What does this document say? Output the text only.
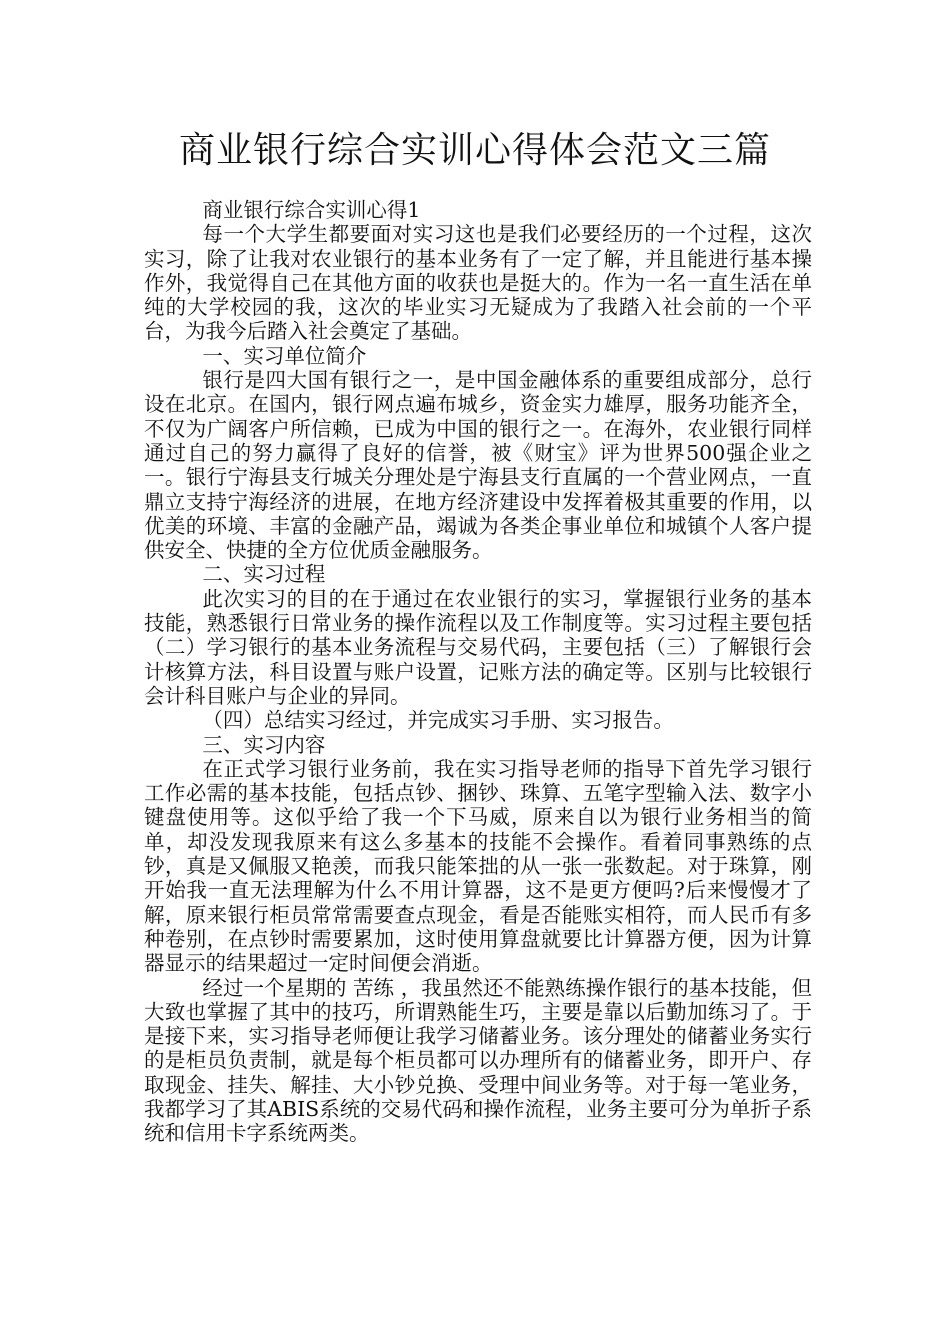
商业银行综合实训心得体会范文三篇

商业银行综合实训心得1

每一个大学生都要面对实习这也是我们必要经历的一个过程，这次实习，除了让我对农业银行的基本业务有了一定了解，并且能进行基本操作外，我觉得自己在其他方面的收获也是挺大的。作为一名一直生活在单纯的大学校园的我，这次的毕业实习无疑成为了我踏入社会前的一个平台，为我今后踏入社会奠定了基础。

一、实习单位简介

银行是四大国有银行之一，是中国金融体系的重要组成部分，总行设在北京。在国内，银行网点遍布城乡，资金实力雄厚，服务功能齐全，不仅为广阔客户所信赖，已成为中国的银行之一。在海外，农业银行同样通过自己的努力赢得了良好的信誉，被《财宝》评为世界500强企业之一。银行宁海县支行城关分理处是宁海县支行直属的一个营业网点，一直鼎立支持宁海经济的进展，在地方经济建设中发挥着极其重要的作用，以优美的环境、丰富的金融产品，竭诚为各类企事业单位和城镇个人客户提供安全、快捷的全方位优质金融服务。

二、实习过程

此次实习的目的在于通过在农业银行的实习，掌握银行业务的基本技能，熟悉银行日常业务的操作流程以及工作制度等。实习过程主要包括（二）学习银行的基本业务流程与交易代码，主要包括（三）了解银行会计核算方法，科目设置与账户设置，记账方法的确定等。区别与比较银行会计科目账户与企业的异同。

（四）总结实习经过，并完成实习手册、实习报告。

三、实习内容

在正式学习银行业务前，我在实习指导老师的指导下首先学习银行工作必需的基本技能，包括点钞、捆钞、珠算、五笔字型输入法、数字小键盘使用等。这似乎给了我一个下马威，原来自以为银行业务相当的简单，却没发现我原来有这么多基本的技能不会操作。看着同事熟练的点钞，真是又佩服又艳羡，而我只能笨拙的从一张一张数起。对于珠算，刚开始我一直无法理解为什么不用计算器，这不是更方便吗?后来慢慢才了解，原来银行柜员常常需要查点现金，看是否能账实相符，而人民币有多种卷别，在点钞时需要累加，这时使用算盘就要比计算器方便，因为计算器显示的结果超过一定时间便会消逝。

经过一个星期的 苦练 ，我虽然还不能熟练操作银行的基本技能，但大致也掌握了其中的技巧，所谓熟能生巧，主要是靠以后勤加练习了。于是接下来，实习指导老师便让我学习储蓄业务。该分理处的储蓄业务实行的是柜员负责制，就是每个柜员都可以办理所有的储蓄业务，即开户、存取现金、挂失、解挂、大小钞兑换、受理中间业务等。对于每一笔业务，我都学习了其ABIS系统的交易代码和操作流程，业务主要可分为单折子系统和信用卡字系统两类。
